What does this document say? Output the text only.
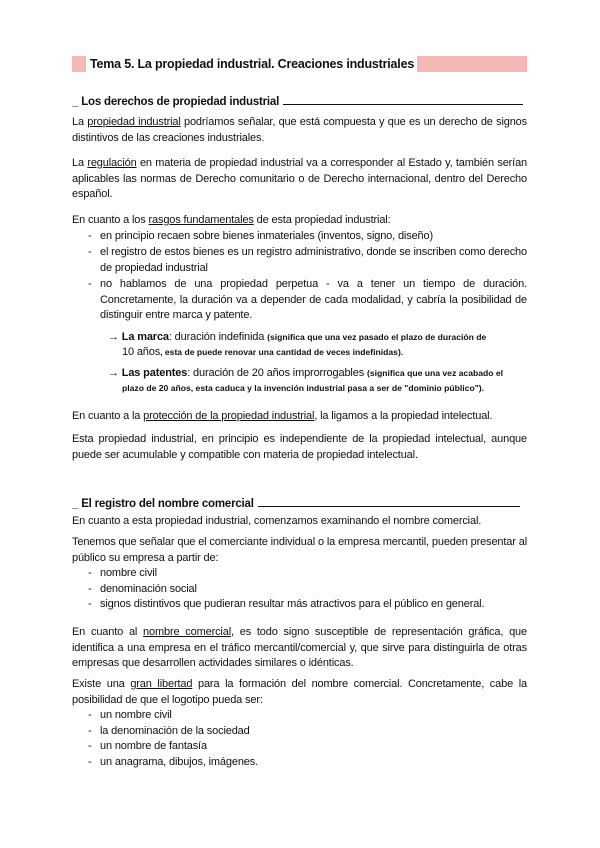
Tema 5. La propiedad industrial. Creaciones industriales
_ Los derechos de propiedad industrial
La propiedad industrial podríamos señalar, que está compuesta y que es un derecho de signos distintivos de las creaciones industriales.
La regulación en materia de propiedad industrial va a corresponder al Estado y, también serían aplicables las normas de Derecho comunitario o de Derecho internacional, dentro del Derecho español.
En cuanto a los rasgos fundamentales de esta propiedad industrial:
- en principio recaen sobre bienes inmateriales (inventos, signo, diseño)
- el registro de estos bienes es un registro administrativo, donde se inscriben como derecho de propiedad industrial
- no hablamos de una propiedad perpetua - va a tener un tiempo de duración. Concretamente, la duración va a depender de cada modalidad, y cabría la posibilidad de distinguir entre marca y patente.
→ La marca: duración indefinida (significa que una vez pasado el plazo de duración de
10 años, esta de puede renovar una cantidad de veces indefinidas).
→ Las patentes: duración de 20 años improrrogables (significa que una vez acabado el
plazo de 20 años, esta caduca y la invención industrial pasa a ser de "dominio público").
En cuanto a la protección de la propiedad industrial, la ligamos a la propiedad intelectual.
Esta propiedad industrial, en principio es independiente de la propiedad intelectual, aunque puede ser acumulable y compatible con materia de propiedad intelectual.
_ El registro del nombre comercial
En cuanto a esta propiedad industrial, comenzamos examinando el nombre comercial.
Tenemos que señalar que el comerciante individual o la empresa mercantil, pueden presentar al público su empresa a partir de:
- nombre civil
- denominación social
- signos distintivos que pudieran resultar más atractivos para el público en general.
En cuanto al nombre comercial, es todo signo susceptible de representación gráfica, que identifica a una empresa en el tráfico mercantil/comercial y, que sirve para distinguirla de otras empresas que desarrollen actividades similares o idénticas.
Existe una gran libertad para la formación del nombre comercial. Concretamente, cabe la posibilidad de que el logotipo pueda ser:
- un nombre civil
- la denominación de la sociedad
- un nombre de fantasía
- un anagrama, dibujos, imágenes.
